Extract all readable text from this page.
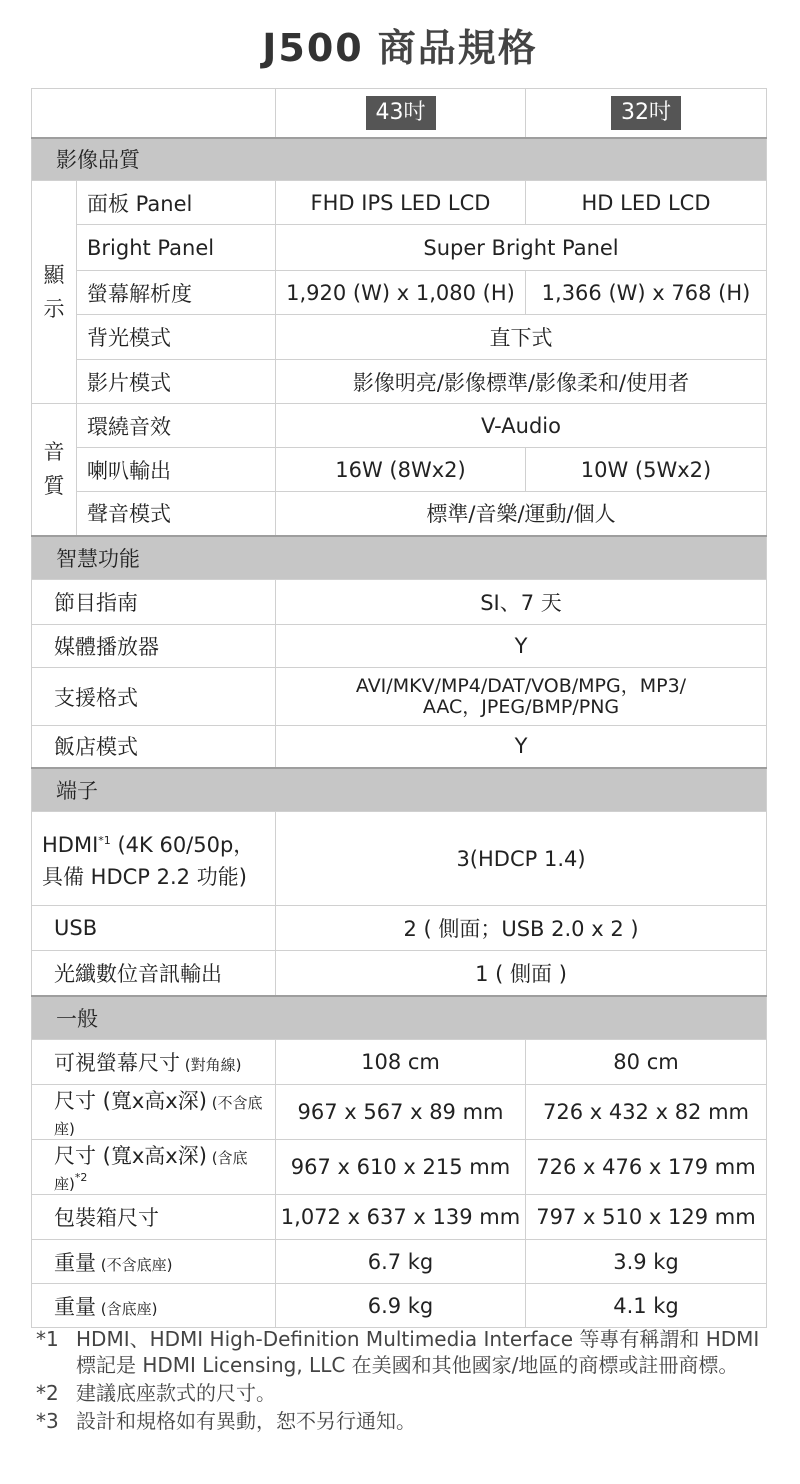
J500 商品規格
		43吋	32吋
影像品質			
顯
示	面板 Panel	FHD IPS LED LCD	HD LED LCD
	Bright Panel	Super Bright Panel	
	螢幕解析度	1,920 (W) x 1,080 (H)	1,366 (W) x 768 (H)
	背光模式	直下式	
	影片模式	影像明亮/影像標準/影像柔和/使用者	
音
質	環繞音效	V-Audio	
	喇叭輸出	16W (8Wx2)	10W (5Wx2)
	聲音模式	標準/音樂/運動/個人	
智慧功能			
節目指南		SI、7 天	
媒體播放器		Y	
支援格式		AVI/MKV/MP4/DAT/VOB/MPG，MP3/
AAC，JPEG/BMP/PNG	
飯店模式		Y	
端子			
HDMI$^{*1}$ (4K 60/50p，
具備 HDCP 2.2 功能)		3(HDCP 1.4)	
USB		2 ( 側面；USB 2.0 x 2 )	
光纖數位音訊輸出		1 ( 側面 )	
一般			
可視螢幕尺寸 (對角線)		108 cm	80 cm
尺寸 (寬x高x深) (不含底座)		967 x 567 x 89 mm	726 x 432 x 82 mm
尺寸 (寬x高x深) (含底座)$^{*2}$		967 x 610 x 215 mm	726 x 476 x 179 mm
包裝箱尺寸		1,072 x 637 x 139 mm	797 x 510 x 129 mm
重量 (不含底座)		6.7 kg	3.9 kg
重量 (含底座)		6.9 kg	4.1 kg
*1 HDMI、HDMI High-Definition Multimedia Interface 等專有稱謂和 HDMI 標記是 HDMI Licensing, LLC 在美國和其他國家/地區的商標或註冊商標。
*2 建議底座款式的尺寸。
*3 設計和規格如有異動，恕不另行通知。
